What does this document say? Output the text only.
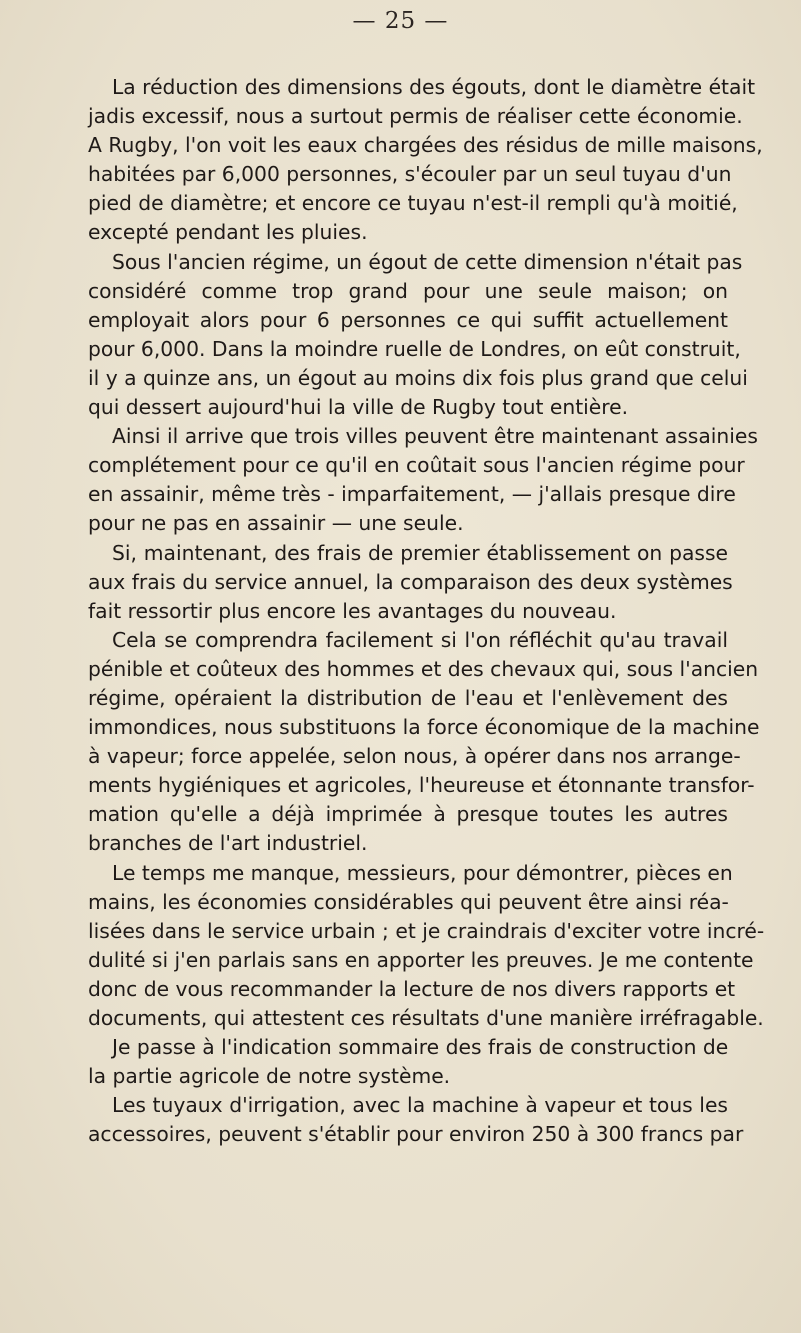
— 25 —

La réduction des dimensions des égouts, dont le diamètre était
jadis excessif, nous a surtout permis de réaliser cette économie.
A Rugby, l'on voit les eaux chargées des résidus de mille maisons,
habitées par 6,000 personnes, s'écouler par un seul tuyau d'un
pied de diamètre; et encore ce tuyau n'est-il rempli qu'à moitié,
excepté pendant les pluies.

Sous l'ancien régime, un égout de cette dimension n'était pas
considéré comme trop grand pour une seule maison; on
employait alors pour 6 personnes ce qui suffit actuellement
pour 6,000. Dans la moindre ruelle de Londres, on eût construit,
il y a quinze ans, un égout au moins dix fois plus grand que celui
qui dessert aujourd'hui la ville de Rugby tout entière.

Ainsi il arrive que trois villes peuvent être maintenant assainies
complétement pour ce qu'il en coûtait sous l'ancien régime pour
en assainir, même très - imparfaitement, — j'allais presque dire
pour ne pas en assainir — une seule.

Si, maintenant, des frais de premier établissement on passe
aux frais du service annuel, la comparaison des deux systèmes
fait ressortir plus encore les avantages du nouveau.

Cela se comprendra facilement si l'on réfléchit qu'au travail
pénible et coûteux des hommes et des chevaux qui, sous l'ancien
régime, opéraient la distribution de l'eau et l'enlèvement des
immondices, nous substituons la force économique de la machine
à vapeur; force appelée, selon nous, à opérer dans nos arrange-
ments hygiéniques et agricoles, l'heureuse et étonnante transfor-
mation qu'elle a déjà imprimée à presque toutes les autres
branches de l'art industriel.

Le temps me manque, messieurs, pour démontrer, pièces en
mains, les économies considérables qui peuvent être ainsi réa-
lisées dans le service urbain ; et je craindrais d'exciter votre incré-
dulité si j'en parlais sans en apporter les preuves. Je me contente
donc de vous recommander la lecture de nos divers rapports et
documents, qui attestent ces résultats d'une manière irréfragable.

Je passe à l'indication sommaire des frais de construction de
la partie agricole de notre système.

Les tuyaux d'irrigation, avec la machine à vapeur et tous les
accessoires, peuvent s'établir pour environ 250 à 300 francs par
